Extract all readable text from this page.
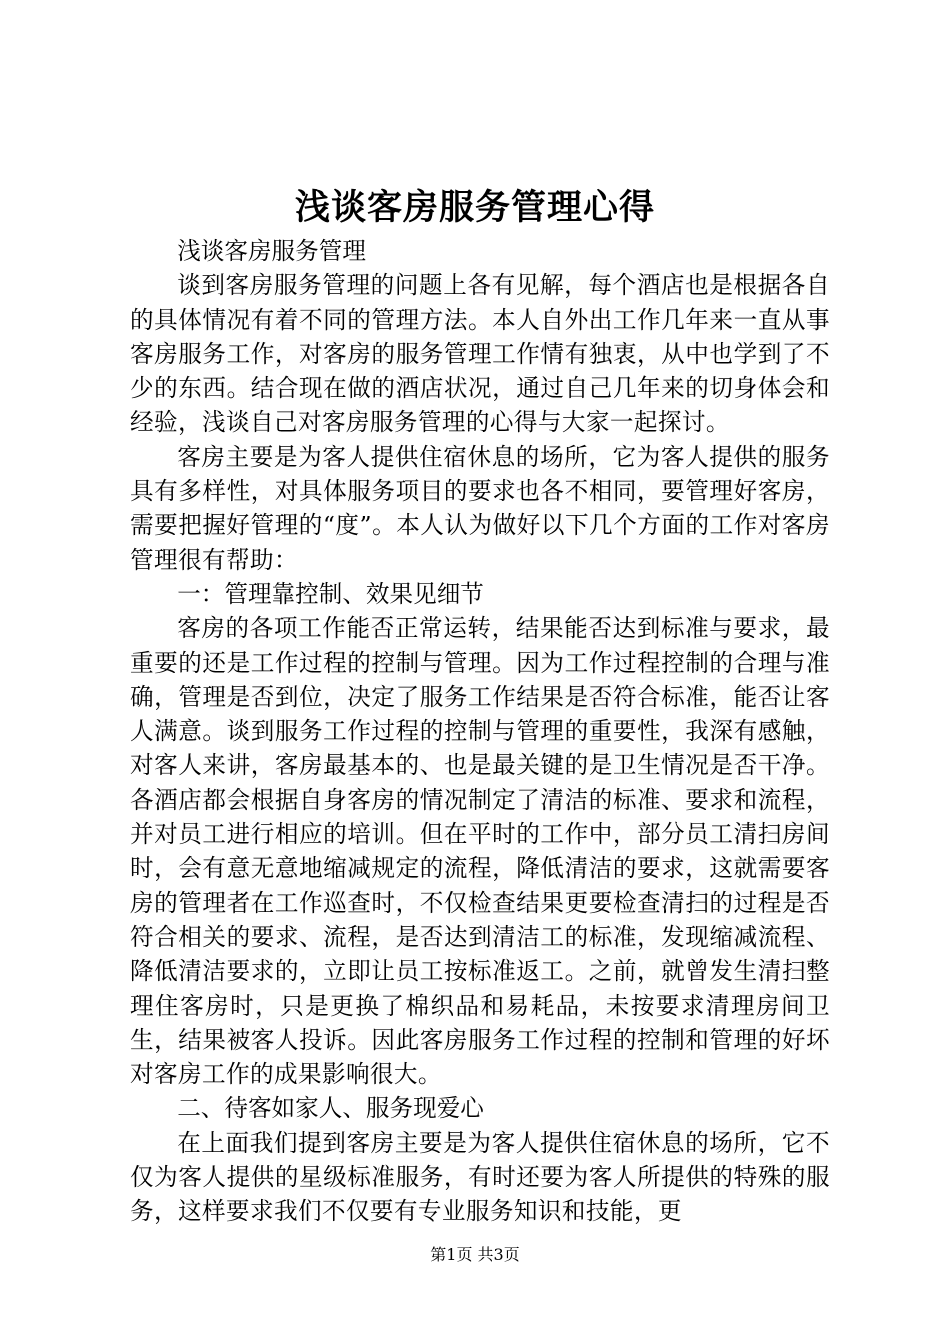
浅谈客房服务管理心得

浅谈客房服务管理

谈到客房服务管理的问题上各有见解，每个酒店也是根据各自的具体情况有着不同的管理方法。本人自外出工作几年来一直从事客房服务工作，对客房的服务管理工作情有独衷，从中也学到了不少的东西。结合现在做的酒店状况，通过自己几年来的切身体会和经验，浅谈自己对客房服务管理的心得与大家一起探讨。

客房主要是为客人提供住宿休息的场所，它为客人提供的服务具有多样性，对具体服务项目的要求也各不相同，要管理好客房，需要把握好管理的“度”。本人认为做好以下几个方面的工作对客房管理很有帮助：

一：管理靠控制、效果见细节

客房的各项工作能否正常运转，结果能否达到标准与要求，最重要的还是工作过程的控制与管理。因为工作过程控制的合理与准确，管理是否到位，决定了服务工作结果是否符合标准，能否让客人满意。谈到服务工作过程的控制与管理的重要性，我深有感触，对客人来讲，客房最基本的、也是最关键的是卫生情况是否干净。各酒店都会根据自身客房的情况制定了清洁的标准、要求和流程，并对员工进行相应的培训。但在平时的工作中，部分员工清扫房间时，会有意无意地缩减规定的流程，降低清洁的要求，这就需要客房的管理者在工作巡查时，不仅检查结果更要检查清扫的过程是否符合相关的要求、流程，是否达到清洁工的标准，发现缩减流程、降低清洁要求的，立即让员工按标准返工。之前，就曾发生清扫整理住客房时，只是更换了棉织品和易耗品，未按要求清理房间卫生，结果被客人投诉。因此客房服务工作过程的控制和管理的好坏对客房工作的成果影响很大。

二、待客如家人、服务现爱心

在上面我们提到客房主要是为客人提供住宿休息的场所，它不仅为客人提供的星级标准服务，有时还要为客人所提供的特殊的服务，这样要求我们不仅要有专业服务知识和技能，更

第1页 共3页
